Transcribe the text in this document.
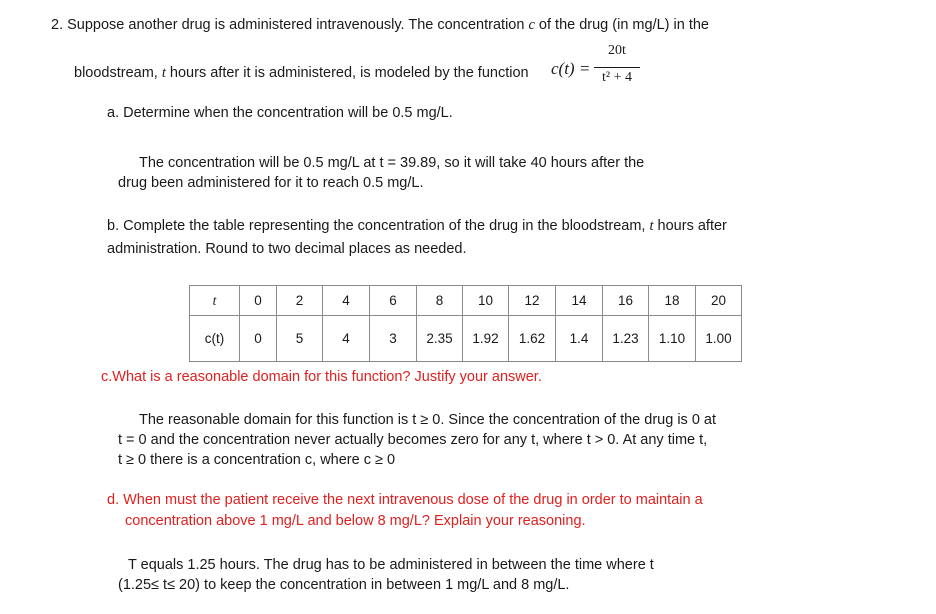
2. Suppose another drug is administered intravenously. The concentration c of the drug (in mg/L) in the
bloodstream, t hours after it is administered, is modeled by the function c(t) =
20t
t² + 4
a. Determine when the concentration will be 0.5 mg/L.
The concentration will be 0.5 mg/L at t = 39.89, so it will take 40 hours after the
drug been administered for it to reach 0.5 mg/L.
b. Complete the table representing the concentration of the drug in the bloodstream, t hours after
administration. Round to two decimal places as needed.
t	0	2	4	6	8	10	12	14	16	18	20
c(t)	0	5	4	3	2.35	1.92	1.62	1.4	1.23	1.10	1.00
c.What is a reasonable domain for this function? Justify your answer.
The reasonable domain for this function is t ≥ 0. Since the concentration of the drug is 0 at
t = 0 and the concentration never actually becomes zero for any t, where t > 0. At any time t,
t ≥ 0 there is a concentration c, where c ≥ 0
d. When must the patient receive the next intravenous dose of the drug in order to maintain a
concentration above 1 mg/L and below 8 mg/L? Explain your reasoning.
T equals 1.25 hours. The drug has to be administered in between the time where t
(1.25≤ t≤ 20) to keep the concentration in between 1 mg/L and 8 mg/L.
